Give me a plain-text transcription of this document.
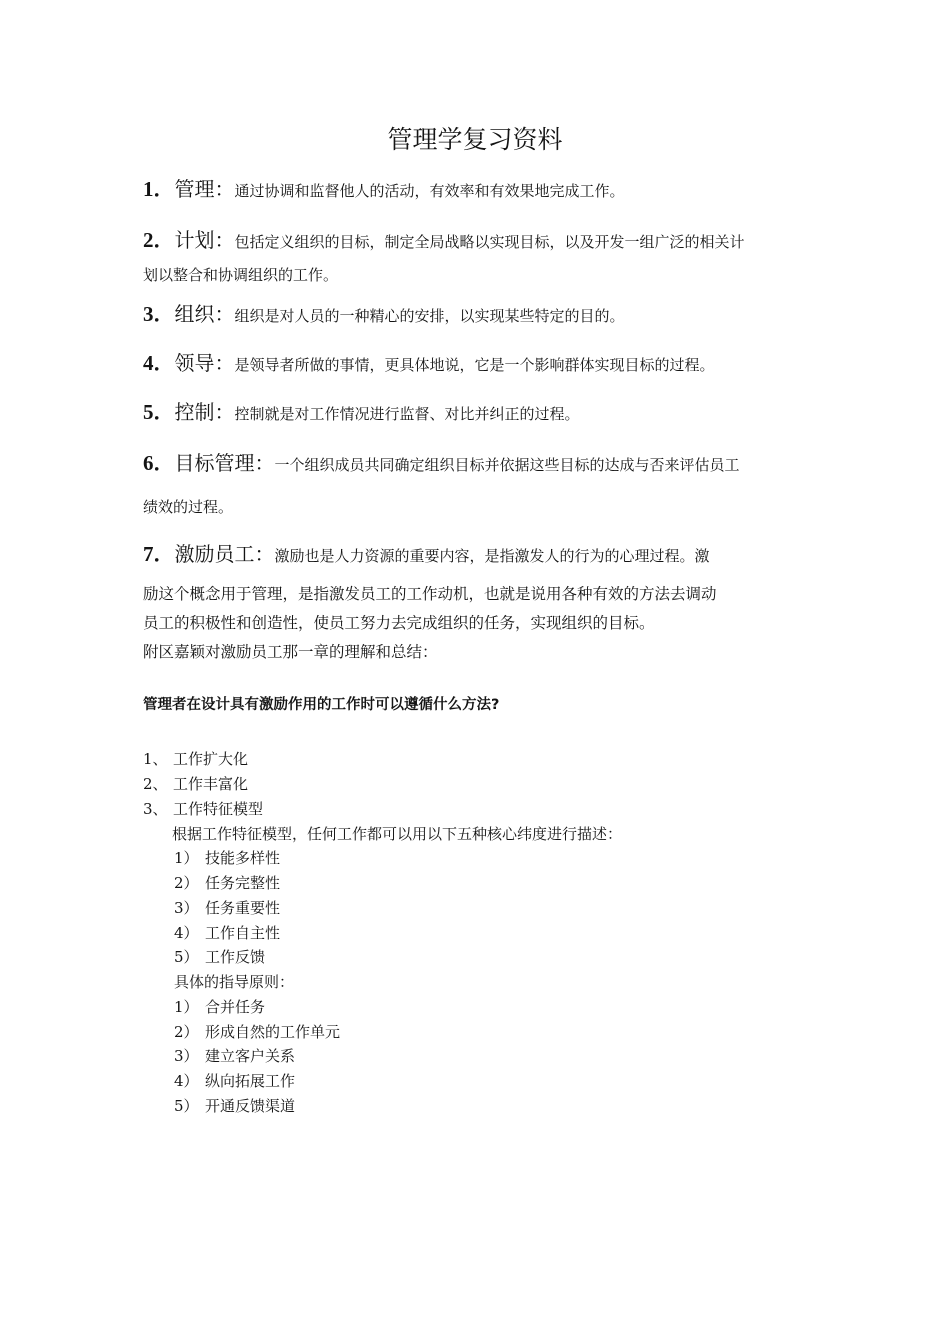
管理学复习资料
1．管理：通过协调和监督他人的活动，有效率和有效果地完成工作。
2．计划：包括定义组织的目标，制定全局战略以实现目标，以及开发一组广泛的相关计
划以整合和协调组织的工作。
3．组织：组织是对人员的一种精心的安排，以实现某些特定的目的。
4．领导：是领导者所做的事情，更具体地说，它是一个影响群体实现目标的过程。
5．控制：控制就是对工作情况进行监督、对比并纠正的过程。
6．目标管理：一个组织成员共同确定组织目标并依据这些目标的达成与否来评估员工
绩效的过程。
7．激励员工：激励也是人力资源的重要内容，是指激发人的行为的心理过程。激
励这个概念用于管理，是指激发员工的工作动机，也就是说用各种有效的方法去调动
员工的积极性和创造性，使员工努力去完成组织的任务，实现组织的目标。
附区嘉颖对激励员工那一章的理解和总结：
管理者在设计具有激励作用的工作时可以遵循什么方法?
1、 工作扩大化
2、 工作丰富化
3、 工作特征模型
根据工作特征模型，任何工作都可以用以下五种核心纬度进行描述：
1） 技能多样性
2） 任务完整性
3） 任务重要性
4） 工作自主性
5） 工作反馈
具体的指导原则：
1） 合并任务
2） 形成自然的工作单元
3） 建立客户关系
4） 纵向拓展工作
5） 开通反馈渠道
